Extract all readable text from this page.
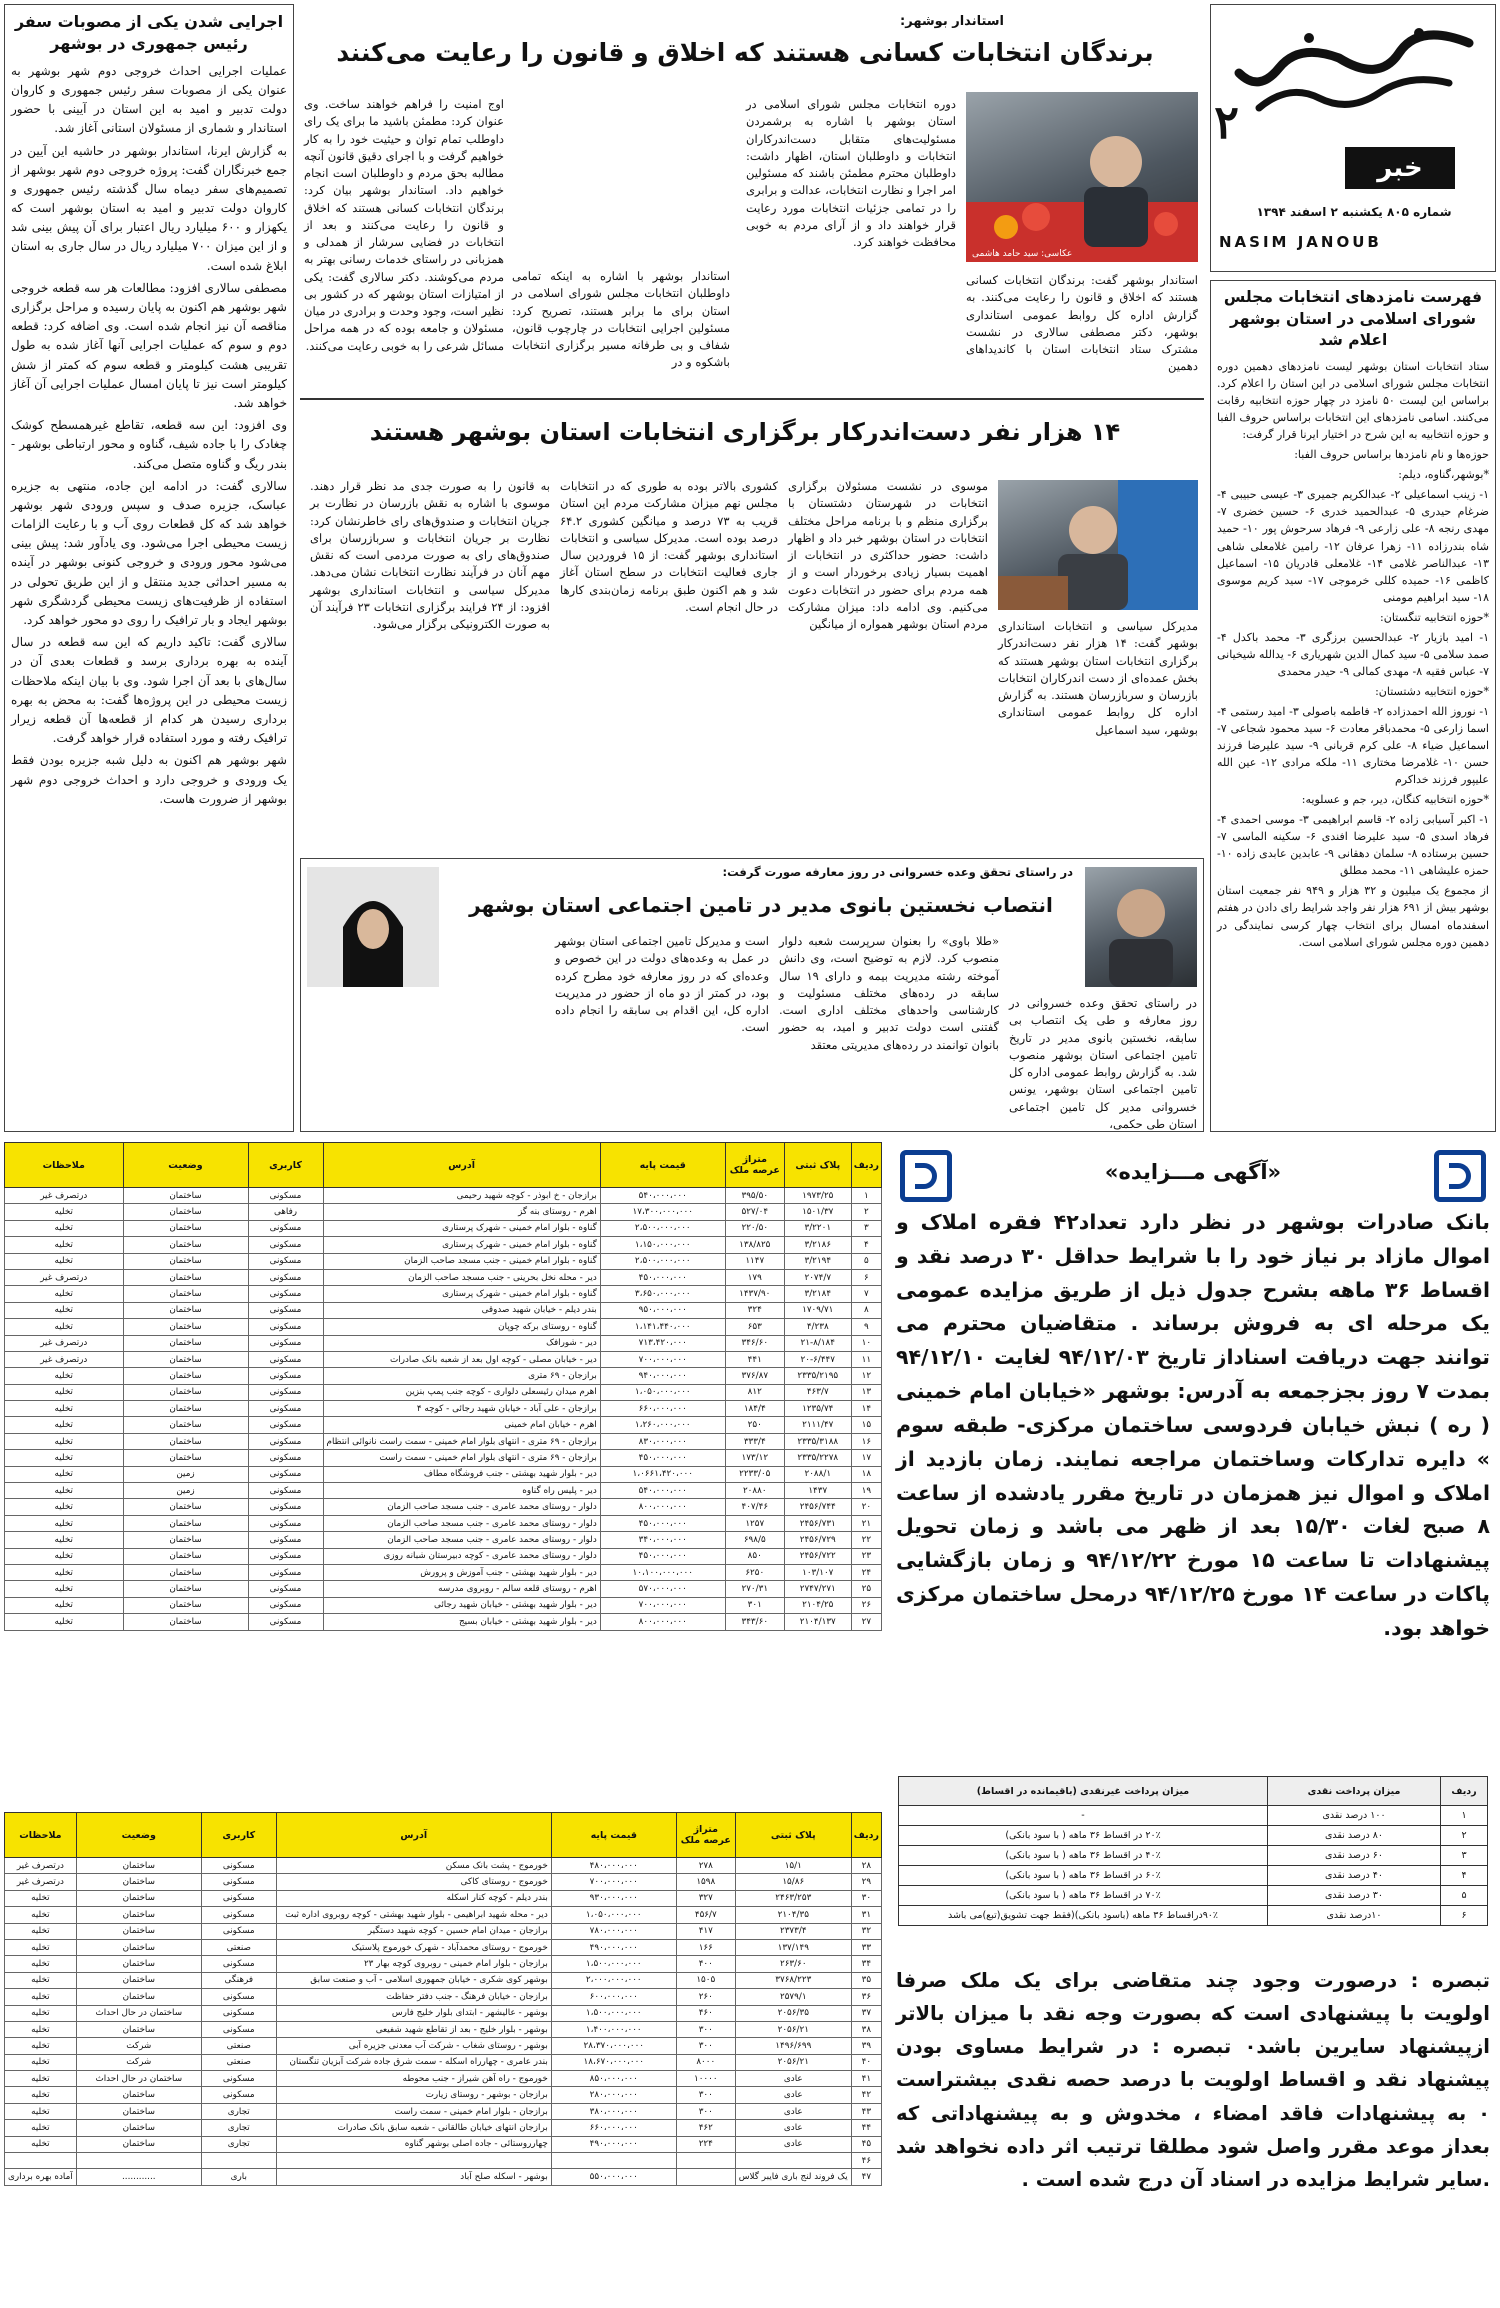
۲
خبر
شماره ۸۰۵ یکشنبه ۲ اسفند ۱۳۹۴
NASIM JANOUB
فهرست نامزدهای انتخابات مجلس شورای اسلامی در استان بوشهر اعلام شد

ستاد انتخابات استان بوشهر لیست نامزدهای دهمین دوره انتخابات مجلس شورای اسلامی در این استان را اعلام کرد. براساس این لیست ۵۰ نامزد در چهار حوزه انتخابیه رقابت می‌کنند. اسامی نامزدهای این انتخابات براساس حروف الفبا و حوزه انتخابیه به این شرح در اختیار ایرنا قرار گرفت:

حوزه‌ها و نام نامزدها براساس حروف الفبا:

*بوشهر،گناوه، دیلم:

۱- زینب اسماعیلی ۲- عبدالکریم جمیری ۳- عیسی حبیبی ۴- ضرغام حیدری ۵- عبدالحمید خدری ۶- حسین خضری ۷- مهدی رنجه ۸- علی زارعی ۹- فرهاد سرحوش پور ۱۰- حمید شاه بندرزاده ۱۱- زهرا عرفان ۱۲- رامین غلامعلی شاهی ۱۳- عبدالناصر غلامی ۱۴- غلامعلی قادریان ۱۵- اسماعیل کاظمی ۱۶- حمیده کللی خرموجی ۱۷- سید کریم موسوی ۱۸- سید ابراهیم مومنی

*حوزه انتخابیه تنگستان:

۱- امید بازیار ۲- عبدالحسین برزگری ۳- محمد باکدل ۴- صمد سلامی ۵- سید کمال الدین شهریاری ۶- یدالله شیخیانی ۷- عباس فقیه ۸- مهدی کمالی ۹- حیدر محمدی

*حوزه انتخابیه دشتستان:

۱- نوروز الله احمدزاده ۲- فاطمه باصولی ۳- امید رستمی ۴- اسما زارعی ۵- محمدباقر معادت ۶- سید محمود شجاعی ۷- اسماعیل ضیاء ۸- علی کرم قربانی ۹- سید علیرضا فرزند حسن ۱۰- غلامرضا مختاری ۱۱- ملکه مرادی ۱۲- عین الله علیپور فرزند خداکرم

*حوزه انتخابیه کنگان، دیر، جم و عسلویه:

۱- اکبر آسیابی زاده ۲- قاسم ابراهیمی ۳- موسی احمدی ۴- فرهاد اسدی ۵- سید علیرضا افندی ۶- سکینه الماسی ۷- حسین برستاده ۸- سلمان دهقانی ۹- عابدین عابدی زاده ۱۰- حمزه علیشاهی ۱۱- محمد مطلق

از مجموع یک میلیون و ۳۲ هزار و ۹۴۹ نفر جمعیت استان بوشهر بیش از ۶۹۱ هزار نفر واجد شرایط رای دادن در هفتم اسفندماه امسال برای انتخاب چهار کرسی نمایندگی در دهمین دوره مجلس شورای اسلامی است.

اجرایی شدن یکی از مصوبات سفر رئیس جمهوری در بوشهر

عملیات اجرایی احداث خروجی دوم شهر بوشهر به عنوان یکی از مصوبات سفر رئیس جمهوری و کاروان دولت تدبیر و امید به این استان در آیینی با حضور استاندار و شماری از مسئولان استانی آغاز شد.

به گزارش ایرنا، استاندار بوشهر در حاشیه این آیین در جمع خبرنگاران گفت: پروژه خروجی دوم شهر بوشهر از تصمیم‌های سفر دیماه سال گذشته رئیس جمهوری و کاروان دولت تدبیر و امید به استان بوشهر است که یکهزار و ۶۰۰ میلیارد ریال اعتبار برای آن پیش بینی شد و از این میزان ۷۰۰ میلیارد ریال در سال جاری به استان ابلاغ شده است.

مصطفی سالاری افزود: مطالعات هر سه قطعه خروجی شهر بوشهر هم اکنون به پایان رسیده و مراحل برگزاری مناقصه آن نیز انجام شده است. وی اضافه کرد: قطعه دوم و سوم که عملیات اجرایی آنها آغاز شده به طول تقریبی هشت کیلومتر و قطعه سوم که کمتر از شش کیلومتر است نیز تا پایان امسال عملیات اجرایی آن آغاز خواهد شد.

وی افزود: این سه قطعه، تقاطع غیرهمسطح کوشک چغادک را با جاده شیف، گناوه و محور ارتباطی بوشهر - بندر ریگ و گناوه متصل می‌کند.

سالاری گفت: در ادامه این جاده، منتهی به جزیره عباسک، جزیره صدف و سپس ورودی شهر بوشهر خواهد شد که کل قطعات روی آب و با رعایت الزامات زیست محیطی اجرا می‌شود. وی یادآور شد: پیش بینی می‌شود محور ورودی و خروجی کنونی بوشهر در آینده به مسیر احداثی جدید منتقل و از این طریق تحولی در استفاده از ظرفیت‌های زیست محیطی گردشگری شهر بوشهر ایجاد و بار ترافیک را روی دو محور خواهد کرد.

سالاری گفت: تاکید داریم که این سه قطعه در سال آینده به بهره برداری برسد و قطعات بعدی آن در سال‌های با بعد آن اجرا شود. وی با بیان اینکه ملاحظات زیست محیطی در این پروژه‌ها گفت: به محض به بهره برداری رسیدن هر کدام از قطعه‌ها آن قطعه زیرار ترافیک رفته و مورد استفاده قرار خواهد گرفت.

شهر بوشهر هم اکنون به دلیل شبه جزیره بودن فقط یک ورودی و خروجی دارد و احداث خروجی دوم شهر بوشهر از ضرورت هاست.

استاندار بوشهر:
برندگان انتخابات کسانی هستند که اخلاق و قانون را رعایت می‌کنند
عکاسی: سید حامد هاشمی
دوره انتخابات مجلس شورای اسلامی در استان بوشهر با اشاره به برشمردن مسئولیت‌های متقابل دست‌اندرکاران انتخابات و داوطلبان استان، اظهار داشت: داوطلبان محترم مطمئن باشند که مسئولین امر اجرا و نظارت انتخابات، عدالت و برابری را در تمامی جزئیات انتخابات مورد رعایت قرار خواهند داد و از آرای مردم به خوبی محافظت خواهند کرد.
اوج امنیت را فراهم خواهند ساخت. وی عنوان کرد: مطمئن باشید ما برای یک رای داوطلب تمام توان و حیثیت خود را به کار خواهیم گرفت و با اجرای دقیق قانون آنچه مطالبه بحق مردم و داوطلبان است انجام خواهیم داد. استاندار بوشهر بیان کرد: برندگان انتخابات کسانی هستند که اخلاق و قانون را رعایت می‌کنند و بعد از انتخابات در فضایی سرشار از همدلی و همزبانی در راستای خدمات رسانی بهتر به مردم می‌کوشند. دکتر سالاری گفت: یکی از امتیازات استان بوشهر که در کشور بی نظیر است، وجود وحدت و برادری در میان مسئولان و جامعه بوده که در همه مراحل مسائل شرعی را به خوبی رعایت می‌کنند.
استاندار بوشهر گفت: برندگان انتخابات کسانی هستند که اخلاق و قانون را رعایت می‌کنند. به گزارش اداره کل روابط عمومی استانداری بوشهر، دکتر مصطفی سالاری در نشست مشترک ستاد انتخابات استان با کاندیداهای دهمین
استاندار بوشهر با اشاره به اینکه تمامی داوطلبان انتخابات مجلس شورای اسلامی در استان برای ما برابر هستند، تصریح کرد: مسئولین اجرایی انتخابات در چارچوب قانون، شفاف و بی طرفانه مسیر برگزاری انتخابات باشکوه و در
۱۴ هزار نفر دست‌اندرکار برگزاری انتخابات استان بوشهر هستند
مدیرکل سیاسی و انتخابات استانداری بوشهر گفت: ۱۴ هزار نفر دست‌اندرکار برگزاری انتخابات استان بوشهر هستند که بخش عمده‌ای از دست اندرکاران انتخابات بازرسان و سربازرسان هستند. به گزارش اداره کل روابط عمومی استانداری بوشهر، سید اسماعیل
موسوی در نشست مسئولان برگزاری انتخابات در شهرستان دشتستان با برگزاری منظم و با برنامه مراحل مختلف انتخابات در استان بوشهر خبر داد و اظهار داشت: حضور حداکثری در انتخابات از اهمیت بسیار زیادی برخوردار است و از همه مردم برای حضور در انتخابات دعوت می‌کنیم. وی ادامه داد: میزان مشارکت مردم استان بوشهر همواره از میانگین
کشوری بالاتر بوده به طوری که در انتخابات مجلس نهم میزان مشارکت مردم این استان قریب به ۷۳ درصد و میانگین کشوری ۶۴.۲ درصد بوده است. مدیرکل سیاسی و انتخابات استانداری بوشهر گفت: از ۱۵ فروردین سال جاری فعالیت انتخابات در سطح استان آغاز شد و هم اکنون طبق برنامه زمان‌بندی کارها در حال انجام است.
به قانون را به صورت جدی مد نظر قرار دهند. موسوی با اشاره به نقش بازرسان در نظارت بر جریان انتخابات و صندوق‌های رای خاطرنشان کرد: نظارت بر جریان انتخابات و سربازرسان برای صندوق‌های رای به صورت مردمی است که نقش مهم آنان در فرآیند نظارت انتخابات نشان می‌دهد. مدیرکل سیاسی و انتخابات استانداری بوشهر افزود: از ۲۴ فرایند برگزاری انتخابات ۲۳ فرآیند آن به صورت الکترونیکی برگزار می‌شود.
در راستای تحقق وعده خسروانی در روز معارفه صورت گرفت:
انتصاب نخستین بانوی مدیر در تامین اجتماعی استان بوشهر
در راستای تحقق وعده خسروانی در روز معارفه و طی یک انتصاب بی سابقه، نخستین بانوی مدیر در تاریخ تامین اجتماعی استان بوشهر منصوب شد. به گزارش روابط عمومی اداره کل تامین اجتماعی استان بوشهر، یونس خسروانی مدیر کل تامین اجتماعی استان طی حکمی،
«طلا باوی» را بعنوان سرپرست شعبه دلوار منصوب کرد. لازم به توضیح است، وی دانش آموخته رشته مدیریت بیمه و دارای ۱۹ سال سابقه در رده‌های مختلف مسئولیت و کارشناسی واحدهای مختلف اداری است. گفتنی است دولت تدبیر و امید، به حضور بانوان توانمند در رده‌های مدیریتی معتقد
است و مدیرکل تامین اجتماعی استان بوشهر در عمل به وعده‌های دولت در این خصوص و وعده‌ای که در روز معارفه خود مطرح کرده بود، در کمتر از دو ماه از حضور در مدیریت اداره کل، این اقدام بی سابقه را انجام داده است.
ردیف	پلاک ثبتی	متراژ عرصه ملک	قیمت پایه	آدرس	کاربری	وضعیت	ملاحظات
۱	۱۹۷۳/۲۵	۳۹۵/۵۰	۵۴۰،۰۰۰،۰۰۰	برازجان - خ ابوذر - کوچه شهید رحیمی	مسکونی	ساختمان	درتصرف غیر
۲	۱۵۰۱/۳۷	۵۲۷/۰۴	۱۷،۳۰۰،۰۰۰،۰۰۰	اهرم - روستای بنه گز	رفاهی	ساختمان	تخلیه
۳	۳/۲۲۰۱	۲۲۰/۵۰	۲،۵۰۰،۰۰۰،۰۰۰	گناوه - بلوار امام خمینی - شهرک پرستاری	مسکونی	ساختمان	تخلیه
۴	۳/۲۱۸۶	۱۳۸/۸۲۵	۱،۱۵۰،۰۰۰،۰۰۰	گناوه - بلوار امام خمینی - شهرک پرستاری	مسکونی	ساختمان	تخلیه
۵	۳/۲۱۹۴	۱۱۴۷	۲،۵۰۰،۰۰۰،۰۰۰	گناوه - بلوار امام خمینی - جنب مسجد صاحب الزمان	مسکونی	ساختمان	تخلیه
۶	۲۰۷۴/۷	۱۷۹	۴۵۰،۰۰۰،۰۰۰	دیر - محله نخل بحرینی - جنب مسجد صاحب الزمان	مسکونی	ساختمان	درتصرف غیر
۷	۳/۲۱۸۴	۱۴۳۷/۹۰	۳،۶۵۰،۰۰۰،۰۰۰	گناوه - بلوار امام خمینی - شهرک پرستاری	مسکونی	ساختمان	تخلیه
۸	۱۷۰۹/۷۱	۳۲۴	۹۵۰،۰۰۰،۰۰۰	بندر دیلم - خیابان شهید صدوقی	مسکونی	ساختمان	تخلیه
۹	۴/۲۳۸	۶۵۳	۱،۱۴۱،۴۴۰،۰۰۰	گناوه - روستای برکه چوپان	مسکونی	ساختمان	تخلیه
۱۰	۲۱-۸/۱۸۴	۳۴۶/۶۰	۷۱۳،۴۲۰،۰۰۰	دیر - شورافک	مسکونی	ساختمان	درتصرف غیر
۱۱	۲۰-۶/۴۴۷	۴۴۱	۷۰۰،۰۰۰،۰۰۰	دیر - خیابان مصلی - کوچه اول بعد از شعبه بانک صادرات	مسکونی	ساختمان	درتصرف غیر
۱۲	۲۳۳۵/۲۱۹۵	۳۷۶/۸۷	۹۴۰،۰۰۰،۰۰۰	برازجان - ۶۹ متری	مسکونی	ساختمان	تخلیه
۱۳	۴۶۳/۷	۸۱۲	۱،۰۵۰،۰۰۰،۰۰۰	اهرم میدان رئیسعلی دلواری - کوچه جنب پمپ بنزین	مسکونی	ساختمان	تخلیه
۱۴	۱۲۳۵/۷۴	۱۸۴/۴	۶۶۰،۰۰۰،۰۰۰	برازجان - علی آباد - خیابان شهید رجائی - کوچه ۴	مسکونی	ساختمان	تخلیه
۱۵	۲۱۱۱/۴۷	۲۵۰	۱،۲۶۰،۰۰۰،۰۰۰	اهرم - خیابان امام خمینی	مسکونی	ساختمان	تخلیه
۱۶	۲۳۳۵/۳۱۸۸	۳۳۳/۴	۸۳۰،۰۰۰،۰۰۰	برازجان - ۶۹ متری - انتهای بلوار امام خمینی - سمت راست نانوائی انتظام	مسکونی	ساختمان	تخلیه
۱۷	۲۳۳۵/۲۲۷۸	۱۷۳/۱۲	۴۵۰،۰۰۰،۰۰۰	برازجان - ۶۹ متری - انتهای بلوار امام خمینی - سمت راست	مسکونی	ساختمان	تخلیه
۱۸	۲۰۸۸/۱	۲۲۳۳/۰۵	۱،۰۶۶۱،۴۲۰،۰۰۰	دیر - بلوار شهید بهشتی - جنب فروشگاه مطاف	مسکونی	زمین	تخلیه
۱۹	۱۴۳۷	۲۰۸۸۰	۵۴۰،۰۰۰،۰۰۰	دیر - پلیس راه گناوه	مسکونی	زمین	تخلیه
۲۰	۲۴۵۶/۷۴۴	۴۰۷/۴۶	۸۰۰،۰۰۰،۰۰۰	دلوار - روستای محمد عامری - جنب مسجد صاحب الزمان	مسکونی	ساختمان	تخلیه
۲۱	۲۴۵۶/۷۳۱	۱۲۵۷	۴۵۰،۰۰۰،۰۰۰	دلوار - روستای محمد عامری - جنب مسجد صاحب الزمان	مسکونی	ساختمان	تخلیه
۲۲	۲۴۵۶/۷۲۹	۶۹۸/۵	۳۴۰،۰۰۰،۰۰۰	دلوار - روستای محمد عامری - جنب مسجد صاحب الزمان	مسکونی	ساختمان	تخلیه
۲۳	۲۴۵۶/۷۲۲	۸۵۰	۴۵۰،۰۰۰،۰۰۰	دلوار - روستای محمد عامری - کوچه دبیرستان شبانه روزی	مسکونی	ساختمان	تخلیه
۲۴	۱۰۳/۱۰۷	۶۲۵۰	۱۰،۱۰۰،۰۰۰،۰۰۰	دیر - بلوار شهید بهشتی - جنب آموزش و پرورش	مسکونی	ساختمان	تخلیه
۲۵	۲۷۴۷/۲۷۱	۲۷۰/۳۱	۵۷۰،۰۰۰،۰۰۰	اهرم - روستای قلعه سالم - روبروی مدرسه	مسکونی	ساختمان	تخلیه
۲۶	۲۱۰۴/۲۵	۳۰۱	۷۰۰،۰۰۰،۰۰۰	دیر - بلوار شهید بهشتی - خیابان شهید رجائی	مسکونی	ساختمان	تخلیه
۲۷	۲۱۰۴/۱۳۷	۳۴۳/۶۰	۸۰۰،۰۰۰،۰۰۰	دیر - بلوار شهید بهشتی - خیابان بسیج	مسکونی	ساختمان	تخلیه
ردیف	پلاک ثبتی	متراژ عرصه ملک	قیمت پایه	آدرس	کاربری	وضعیت	ملاحظات
۲۸	۱۵/۱	۲۷۸	۴۸۰،۰۰۰،۰۰۰	خورموج - پشت بانک مسکن	مسکونی	ساختمان	درتصرف غیر
۲۹	۱۵/۸۶	۱۵۹۸	۷۰۰،۰۰۰،۰۰۰	خورموج - روستای کاکی	مسکونی	ساختمان	درتصرف غیر
۳۰	۲۴۶۳/۲۵۳	۳۲۷	۹۳۰،۰۰۰،۰۰۰	بندر دیلم - کوچه کنار اسکله	مسکونی	ساختمان	تخلیه
۳۱	۲۱۰۴/۳۵	۴۵۶/۷	۱،۰۵۰،۰۰۰،۰۰۰	دیر - محله شهید ابراهیمی - بلوار شهید بهشتی - کوچه روبروی اداره ثبت	مسکونی	ساختمان	تخلیه
۳۲	۲۳۷۳/۴	۴۱۷	۷۸۰،۰۰۰،۰۰۰	برازجان - میدان امام حسین - کوچه شهید دستگیر	مسکونی	ساختمان	تخلیه
۳۳	۱۳۷/۱۴۹	۱۶۶	۴۹۰،۰۰۰،۰۰۰	خورموج - روستای محمدآباد - شهرک خورموج پلاستیک	صنعتی	ساختمان	تخلیه
۳۴	۲۶۳/۶۰	۴۰۰	۱،۵۰۰،۰۰۰،۰۰۰	برازجان - بلوار امام خمینی - روبروی کوچه بهار ۲۳	مسکونی	ساختمان	تخلیه
۳۵	۳۷۶۸/۲۲۳	۱۵۰۵	۲،۰۰۰،۰۰۰،۰۰۰	بوشهر کوی شکری - خیابان جمهوری اسلامی - آب و صنعت سابق	فرهنگی	ساختمان	تخلیه
۳۶	۲۵۷۹/۱	۲۶۰	۶۰۰،۰۰۰،۰۰۰	برازجان - خیابان فرهنگ - جنب دفتر حفاظت	مسکونی	ساختمان	تخلیه
۳۷	۲۰۵۶/۳۵	۴۶۰	۱،۵۰۰،۰۰۰،۰۰۰	بوشهر - عالیشهر - ابتدای بلوار خلیج فارس	مسکونی	ساختمان در حال احداث	تخلیه
۳۸	۲۰۵۶/۲۱	۳۰۰	۱،۴۰۰،۰۰۰،۰۰۰	بوشهر - بلوار خلیج - بعد از تقاطع شهید شفیعی	مسکونی	ساختمان	تخلیه
۳۹	۱۴۹۶/۶۹۹	۳۰۰	۲۸،۳۷۰،۰۰۰،۰۰۰	بوشهر - روستای شغاب - شرکت آب معدنی جزیره آبی	صنعتی	شرکت	تخلیه
۴۰	۲۰۵۶/۲۱	۸۰۰۰	۱۸،۶۷۰،۰۰۰،۰۰۰	بندر عامری - چهارراه اسکله - سمت شرق جاده شرکت آبزیان تنگستان	صنعتی	شرکت	تخلیه
۴۱	عادی	۱۰۰۰۰	۸۵۰،۰۰۰،۰۰۰	خورموج - راه آهن شیراز - جنب محوطه	مسکونی	ساختمان در حال احداث	تخلیه
۴۲	عادی	۳۰۰	۲۸۰،۰۰۰،۰۰۰	برازجان - بوشهر - روستای زیارت	مسکونی	ساختمان	تخلیه
۴۳	عادی	۳۰۰	۳۸۰،۰۰۰،۰۰۰	برازجان - بلوار امام خمینی - سمت راست	تجاری	ساختمان	تخلیه
۴۴	عادی	۴۶۲	۶۶۰،۰۰۰،۰۰۰	برازجان انتهای خیابان طالقانی - شعبه سابق بانک صادرات	تجاری	ساختمان	تخلیه
۴۵	عادی	۲۲۴	۴۹۰،۰۰۰،۰۰۰	چهارروستائی - جاده اصلی بوشهر گناوه	تجاری	ساختمان	تخلیه
۴۶							
۴۷	یک فروند لنج باری فایبر گلاس		۵۵۰،۰۰۰،۰۰۰	بوشهر - اسکله صلح آباد	باری	............	آماده بهره برداری
«آگهی مـــزایده»
بانک صادرات بوشهر در نظر دارد تعداد۴۲ فقره املاک و اموال مازاد بر نیاز خود را با شرایط حداقل ۳۰ درصد نقد و اقساط ۳۶ ماهه بشرح جدول ذیل از طریق مزایده عمومی یک مرحله ای به فروش برساند . متقاضیان محترم می توانند جهت دریافت اسناداز تاریخ ۹۴/۱۲/۰۳ لغایت ۹۴/۱۲/۱۰ بمدت ۷ روز بجزجمعه به آدرس: بوشهر «خیابان امام خمینی ( ره ) نبش خیابان فردوسی ساختمان مرکزی- طبقه سوم » دایره تدارکات وساختمان مراجعه نمایند. زمان بازدید از املاک و اموال نیز همزمان در تاریخ مقرر یادشده از ساعت ۸ صبح لغات ۱۵/۳۰ بعد از ظهر می باشد و زمان تحویل پیشنهادات تا ساعت ۱۵ مورخ ۹۴/۱۲/۲۲ و زمان بازگشایی پاکات در ساعت ۱۴ مورخ ۹۴/۱۲/۲۵ درمحل ساختمان مرکزی خواهد بود.
ردیف	میزان پرداخت نقدی	میزان پرداخت غیرنقدی (باقیمانده در اقساط)
۱	۱۰۰ درصد نقدی	-
۲	۸۰ درصد نقدی	۲۰٪ در اقساط ۳۶ ماهه ( با سود بانکی)
۳	۶۰ درصد نقدی	۴۰٪ در اقساط ۳۶ ماهه ( با سود بانکی)
۴	۴۰ درصد نقدی	۶۰٪ در اقساط ۳۶ ماهه ( با سود بانکی)
۵	۳۰ درصد نقدی	۷۰٪ در اقساط ۳۶ ماهه ( با سود بانکی)
۶	۱۰درصد نقدی	۹۰٪دراقساط ۳۶ ماهه (باسود بانکی)(فقط جهت تشویق(تبع)می باشد
تبصره : درصورت وجود چند متقاضی برای یک ملک صرفا اولویت با پیشنهادی است که بصورت وجه نقد با میزان بالاتر ازپیشنهاد سایرین باشد۰ تبصره : در شرایط مساوی بودن پیشنهاد نقد و اقساط اولویت با درصد حصه نقدی بیشتراست ۰ به پیشنهادات فاقد امضاء ، مخدوش و به پیشنهاداتی که بعداز موعد مقرر واصل شود مطلقا ترتیب اثر داده نخواهد شد .سایر شرایط مزایده در اسناد آن درج شده است .
